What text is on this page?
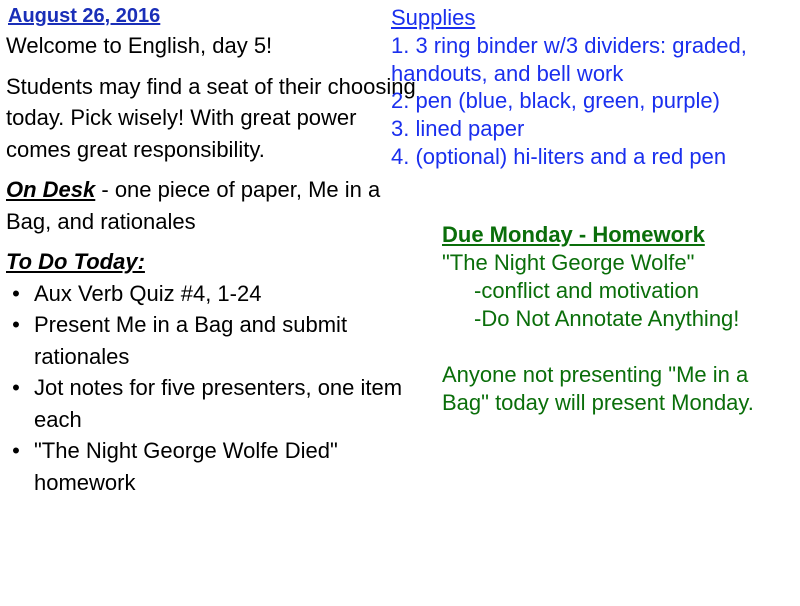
August 26, 2016

Welcome to English, day 5!

Students may find a seat of their choosing today. Pick wisely! With great power comes great responsibility.

On Desk - one piece of paper, Me in a Bag, and rationales

To Do Today:

• Aux Verb Quiz #4, 1-24
• Present Me in a Bag and submit rationales
• Jot notes for five presenters, one item each
• "The Night George Wolfe Died" homework
Supplies
1. 3 ring binder w/3 dividers: graded, handouts, and bell work
2. pen (blue, black, green, purple)
3. lined paper
4. (optional) hi-liters and a red pen
Due Monday - Homework
"The Night George Wolfe"
-conflict and motivation
-Do Not Annotate Anything!
Anyone not presenting "Me in a Bag" today will present Monday.
